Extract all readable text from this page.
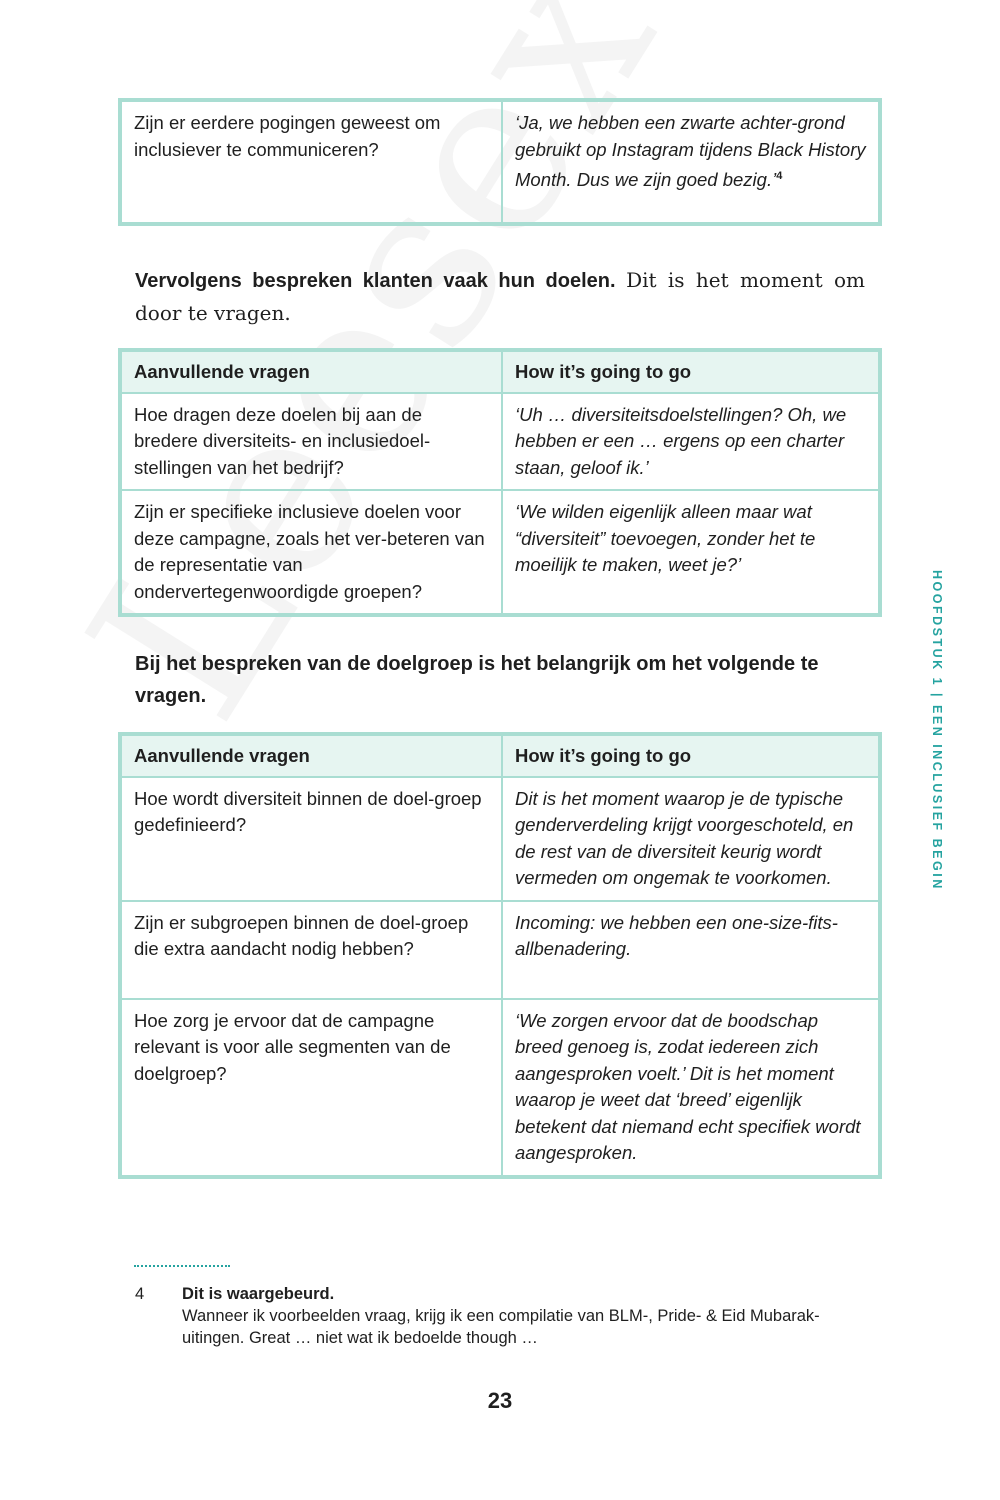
Zijn er eerdere pogingen geweest om inclusiever te communiceren?	‘Ja, we hebben een zwarte achter-grond gebruikt op Instagram tijdens Black History Month. Dus we zijn goed bezig.’$^4$

Vervolgens bespreken klanten vaak hun doelen. Dit is het moment om door te vragen.

Aanvullende vragen	How it’s going to go
Hoe dragen deze doelen bij aan de bredere diversiteits- en inclusiedoel-stellingen van het bedrijf?	‘Uh … diversiteitsdoelstellingen? Oh, we hebben er een … ergens op een charter staan, geloof ik.’
Zijn er specifieke inclusieve doelen voor deze campagne, zoals het ver-beteren van de representatie van ondervertegenwoordigde groepen?	‘We wilden eigenlijk alleen maar wat “diversiteit” toevoegen, zonder het te moeilijk te maken, weet je?’

Bij het bespreken van de doelgroep is het belangrijk om het volgende te vragen.

Aanvullende vragen	How it’s going to go
Hoe wordt diversiteit binnen de doel-groep gedefinieerd?	Dit is het moment waarop je de typische genderverdeling krijgt voorgeschoteld, en de rest van de diversiteit keurig wordt vermeden om ongemak te voorkomen.
Zijn er subgroepen binnen de doel-groep die extra aandacht nodig hebben?	Incoming: we hebben een one-size-fits-allbenadering.
Hoe zorg je ervoor dat de campagne relevant is voor alle segmenten van de doelgroep?	‘We zorgen ervoor dat de boodschap breed genoeg is, zodat iedereen zich aangesproken voelt.’ Dit is het moment waarop je weet dat ‘breed’ eigenlijk betekent dat niemand echt specifiek wordt aangesproken.
HOOFDSTUK 1 | EEN INCLUSIEF BEGIN
4 Dit is waargebeurd.
Wanneer ik voorbeelden vraag, krijg ik een compilatie van BLM-, Pride- & Eid Mubarak-uitingen. Great … niet wat ik bedoelde though …
23
